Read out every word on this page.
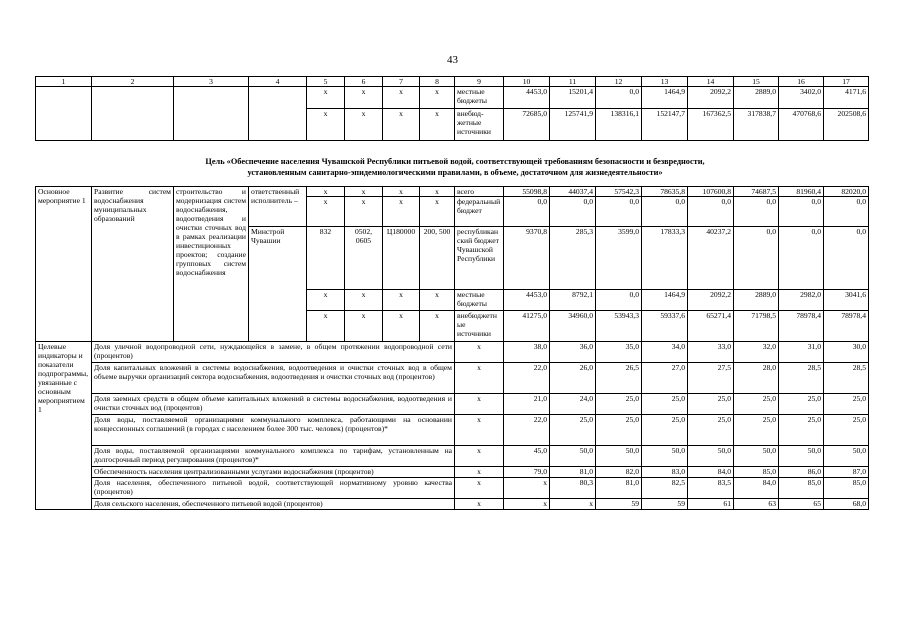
43
1	2	3	4	5	6	7	8	9	10	11	12	13	14	15	16	17
				х	х	х	х	местные бюджеты	4453,0	15201,4	0,0	1464,9	2092,2	2889,0	3402,0	4171,6
				х	х	х	х	внебюд-жетные источники	72685,0	125741,9	138316,1	152147,7	167362,5	317838,7	470768,6	202508,6
Цель «Обеспечение населения Чувашской Республики питьевой водой, соответствующей требованиям безопасности и безвредности,
установленным санитарно-эпидемиологическими правилами, в объеме, достаточном для жизнедеятельности»
Основное мероприятие 1	Развитие систем водоснабжения муниципальных образований	строительство и модернизация систем водоснабжения, водоотведения и очистки сточных вод в рамках реализации инвестиционных проектов; создание групповых систем водоснабжения	ответственный исполнитель –	х	х	х	х	всего	55098,8	44037,4	57542,3	78635,8	107600,8	74687,5	81960,4	82020,0
				х	х	х	х	федеральный бюджет	0,0	0,0	0,0	0,0	0,0	0,0	0,0	0,0
			Минстрой Чувашии	832	0502, 0605	Ц180000	200, 500	республиканский бюджет Чувашской Республики	9370,8	285,3	3599,0	17833,3	40237,2	0,0	0,0	0,0
				х	х	х	х	местные бюджеты	4453,0	8792,1	0,0	1464,9	2092,2	2889,0	2982,0	3041,6
				х	х	х	х	внебюджетные источники	41275,0	34960,0	53943,3	59337,6	65271,4	71798,5	78978,4	78978,4
Целевые индикаторы и показатели подпрограммы, увязанные с основным мероприятием 1	Доля уличной водопроводной сети, нуждающейся в замене, в общем протяжении водопроводной сети (процентов)							х	38,0	36,0	35,0	34,0	33,0	32,0	31,0	30,0
	Доля капитальных вложений в системы водоснабжения, водоотведения и очистки сточных вод в общем объеме выручки организаций сектора водоснабжения, водоотведения и очистки сточных вод (процентов)							х	22,0	26,0	26,5	27,0	27,5	28,0	28,5	28,5
	Доля заемных средств в общем объеме капитальных вложений в системы водоснабжения, водоотведения и очистки сточных вод (процентов)							х	21,0	24,0	25,0	25,0	25,0	25,0	25,0	25,0
	Доля воды, поставляемой организациями коммунального комплекса, работающими на основании концессионных соглашений (в городах с населением более 300 тыс. человек) (процентов)*							х	22,0	25,0	25,0	25,0	25,0	25,0	25,0	25,0
	Доля воды, поставляемой организациями коммунального комплекса по тарифам, установленным на долгосрочный период регулирования (процентов)*							х	45,0	50,0	50,0	50,0	50,0	50,0	50,0	50,0
	Обеспеченность населения централизованными услугами водоснабжения (процентов)							х	79,0	81,0	82,0	83,0	84,0	85,0	86,0	87,0
	Доля населения, обеспеченного питьевой водой, соответствующей нормативному уровню качества (процентов)							х	х	80,3	81,0	82,5	83,5	84,0	85,0	85,0
	Доля сельского населения, обеспеченного питьевой водой (процентов)							х	х	х	59	59	61	63	65	68,0
